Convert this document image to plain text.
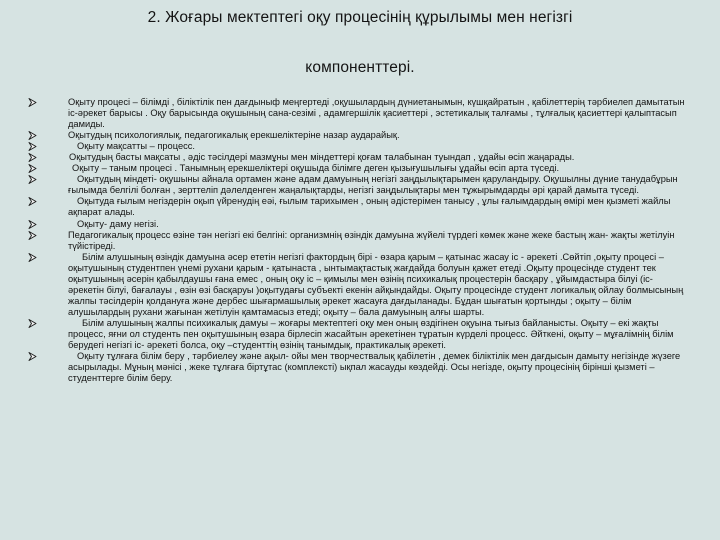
2. Жоғары мектептегі оқу процесінің құрылымы мен негізгі
компоненттері.
Оқыту процесі – білімді , біліктілік пен дағдыныф меңгертеді ,оқушылардың дүниетанымын, күшқайратын , қабілеттерің тәрбиелеп дамытатын іс-әрекет барысы . Оқу барысында оқушының сана-сезімі , адамгершілік қасиеттері , эстетикалық талғамы , тұлғалық қасиеттері қалыптасып дамиды.
Оқытудың психологиялық, педагогикалық ерекшеліктеріне назар аударайық.
Оқыту мақсатты – процесс.
Оқытудың басты мақсаты , әдіс тәсілдері мазмұны мен міндеттері қоғам талабынан туындап , ұдайы өсіп жаңарады.
Оқыту – таным процесі . Танымның ерекшеліктері оқушыда білімге деген қызығушылығы ұдайы өсіп арта түседі.
Оқытудың міндеті- оқушыны айнала ортамен және адам дамуының негізгі заңдылықтарымен қаруландыру. Оқушылны дүние танудабұрын ғылымда белгілі болған , зерттеліп дәлелденген жаңалықтарды, негізгі заңдылықтары мен тұжырымдарды əрі қарай дамыта түседі.
Оқытуда ғылым негіздерін оқып үйренудің еəі, ғылым тарихымен , оның əдістерімен танысу , ұлы ғалымдардың өмірі мен қызметі жайлы ақпарат алады.
Оқыту- даму негізі.
Педагогикалық процесс өзіне тəн негізгі екі белгіні: организмнің өзіндік дамуына жүйелі түрдегі көмек және жеке бастың жан- жақты жетілуін түйістіреді.
Білім алушының өзіндік дамуына əсер ететін негізгі фактордың бірі - өзара қарым – қатынас жасау іс - әрекеті .Сөйтіп ,оқыту процесі – оқытушының студентпен үнемі рухани қарым - қатынаста , ынтымақтастық жағдайда болуын қажет етеді .Оқыту процесінде студент тек оқытушының əсерін қабылдаушы ғана емес , оның оқу іс – қимылы мен өзінің психикалық процестерін басқару , ұйымдастыра білуі (іс- әрекетін білуі, бағалауы , өзін өзі басқаруы )оқытудағы субъекті екенін айқындайды. Оқыту процесінде студент логикалық ойлау болмысының жалпы тəсілдерін қолдануға жəне дербес шығармашылық əрекет жасауға дағдыланады. Бұдан шығатын қортынды ; оқыту – білім алушылардың рухани жағынан жетілуін қамтамасыз етеді; оқыту – бала дамуының алғы шарты.
Білім алушының жалпы психикалық дамуы – жоғары мектептегі оқу мен оның өздігінен оқуына тығыз байланысты. Оқыту – екі жақты процесс, яғни ол студенть пен оқытушының өзара бірлесіп жасайтын əрекетінен тұратын күрделі процесс. Əйткені, оқыту – мұғалімнің білім берудегі негізгі іс- əрекеті болса, оқу –студенттің өзінің танымдық, практикалық əрекеті.
Оқыту тұлғаға білім беру , тəрбиелеу жəне ақыл- ойы мен творчествалық қабілетін , демек біліктілік мен дағдысын дамыту негізінде жүзеге асырылады. Мұның мəнісі , жеке тұлғаға біртұтас (комплексті) ықпал жасауды көздейді. Осы негізде, оқыту процесінің бірінші қызметі – студенттерге білім беру.
